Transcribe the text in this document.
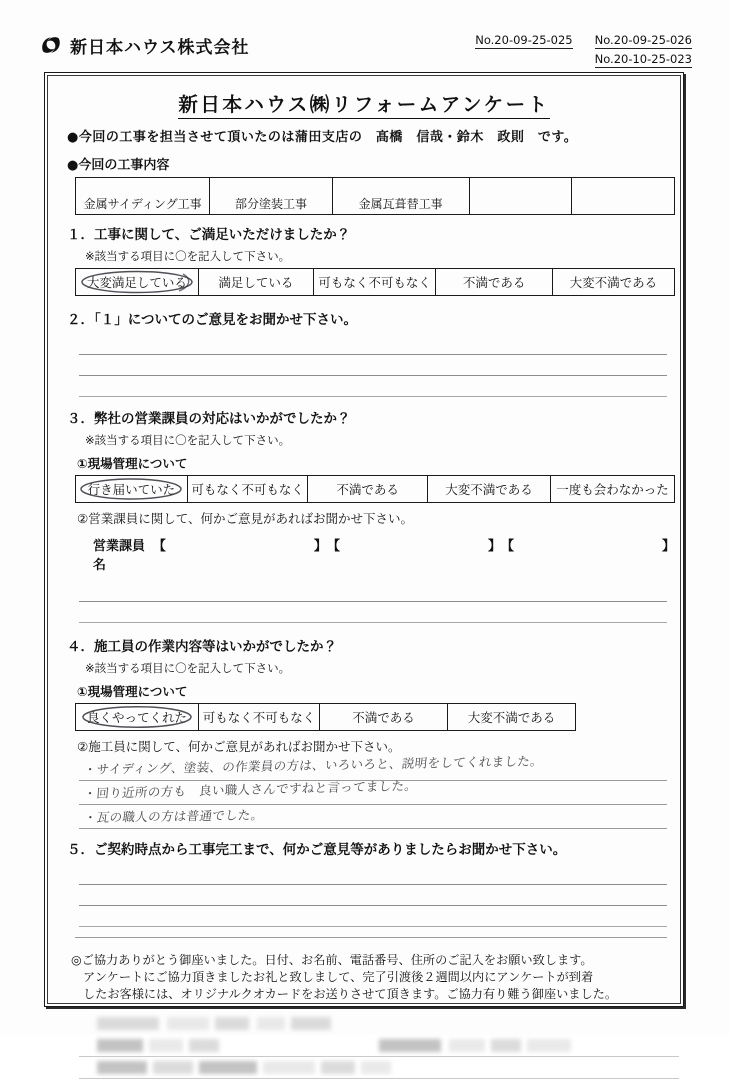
新日本ハウス株式会社	No.20-09-25-025 No.20-09-25-026
No.20-10-25-023
新日本ハウス㈱リフォームアンケート
●今回の工事を担当させて頂いたのは蒲田支店の　髙橋　信哉・鈴木　政則　です。
●今回の工事内容
金属サイディング工事	部分塗装工事	金属瓦葺替工事		
１．工事に関して、ご満足いただけましたか？
※該当する項目に〇を記入して下さい。
大変満足している	満足している	可もなく不可もなく	不満である	大変不満である
２．「１」についてのご意見をお聞かせ下さい。
３．弊社の営業課員の対応はいかがでしたか？
※該当する項目に〇を記入して下さい。
①現場管理について
行き届いていた	可もなく不可もなく	不満である	大変不満である	一度も会わなかった
②営業課員に関して、何かご意見があればお聞かせ下さい。
営業課員名
【	】 【	】 【	】
４．施工員の作業内容等はいかがでしたか？
※該当する項目に〇を記入して下さい。
①現場管理について
良くやってくれた	可もなく不可もなく	不満である	大変不満である
②施工員に関して、何かご意見があればお聞かせ下さい。
・サイディング、塗装、の作業員の方は、いろいろと、説明をしてくれました。
・回り近所の方も　良い職人さんですねと言ってました。
・瓦の職人の方は普通でした。
５．ご契約時点から工事完工まで、何かご意見等がありましたらお聞かせ下さい。
◎ご協力ありがとう御座いました。日付、お名前、電話番号、住所のご記入をお願い致します。
アンケートにご協力頂きましたお礼と致しまして、完了引渡後２週間以内にアンケートが到着
したお客様には、オリジナルクオカードをお送りさせて頂きます。ご協力有り難う御座いました。
